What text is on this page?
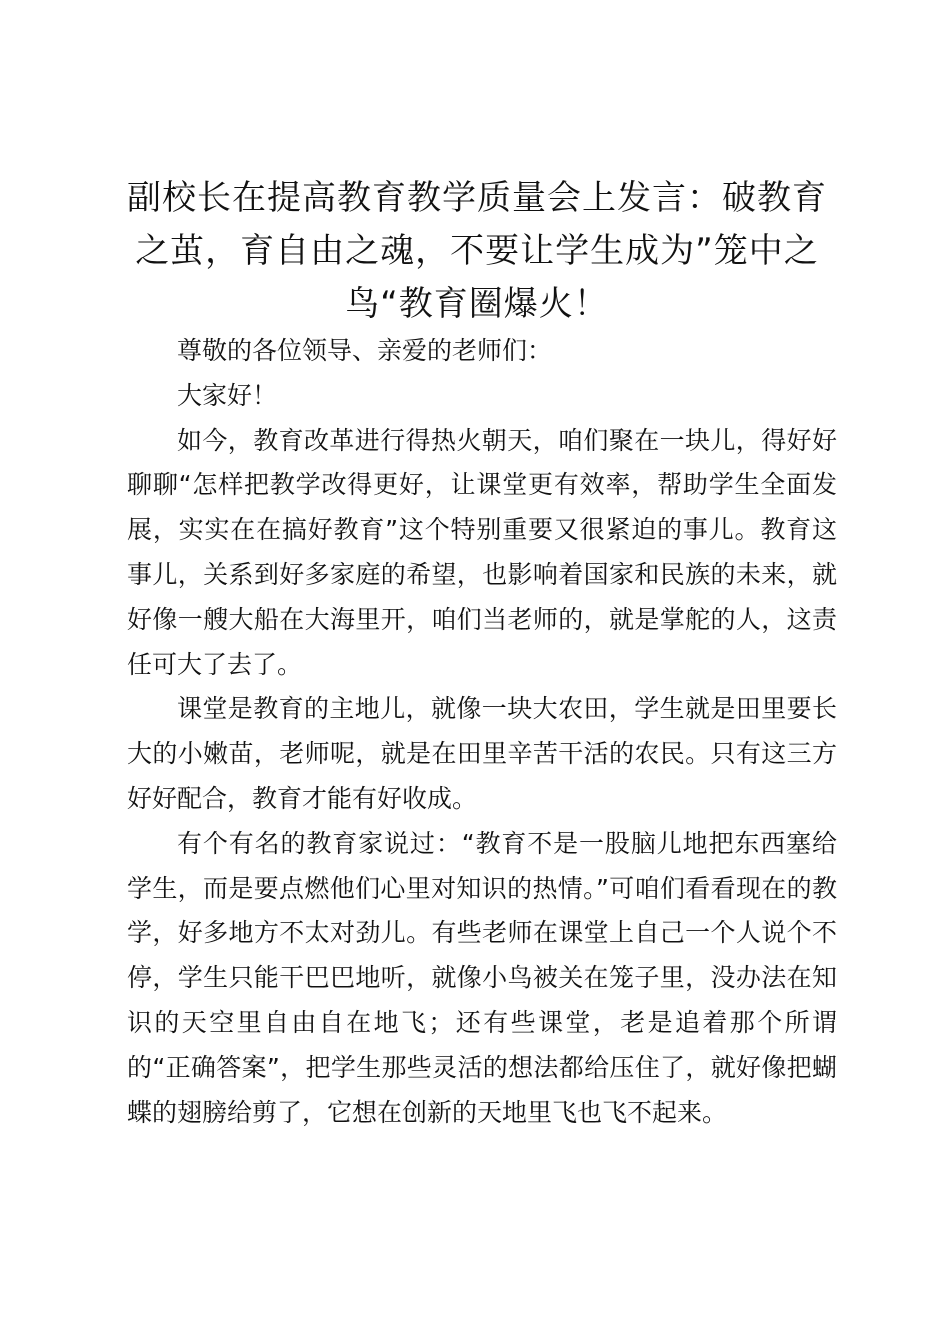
副校长在提高教育教学质量会上发言：破教育之茧，育自由之魂，不要让学生成为”笼中之鸟“教育圈爆火！

尊敬的各位领导、亲爱的老师们：

大家好！

如今，教育改革进行得热火朝天，咱们聚在一块儿，得好好聊聊“怎样把教学改得更好，让课堂更有效率，帮助学生全面发展，实实在在搞好教育”这个特别重要又很紧迫的事儿。教育这事儿，关系到好多家庭的希望，也影响着国家和民族的未来，就好像一艘大船在大海里开，咱们当老师的，就是掌舵的人，这责任可大了去了。

课堂是教育的主地儿，就像一块大农田，学生就是田里要长大的小嫩苗，老师呢，就是在田里辛苦干活的农民。只有这三方好好配合，教育才能有好收成。

有个有名的教育家说过：“教育不是一股脑儿地把东西塞给学生，而是要点燃他们心里对知识的热情。”可咱们看看现在的教学，好多地方不太对劲儿。有些老师在课堂上自己一个人说个不停，学生只能干巴巴地听，就像小鸟被关在笼子里，没办法在知识的天空里自由自在地飞；还有些课堂，老是追着那个所谓的“正确答案”，把学生那些灵活的想法都给压住了，就好像把蝴蝶的翅膀给剪了，它想在创新的天地里飞也飞不起来。
